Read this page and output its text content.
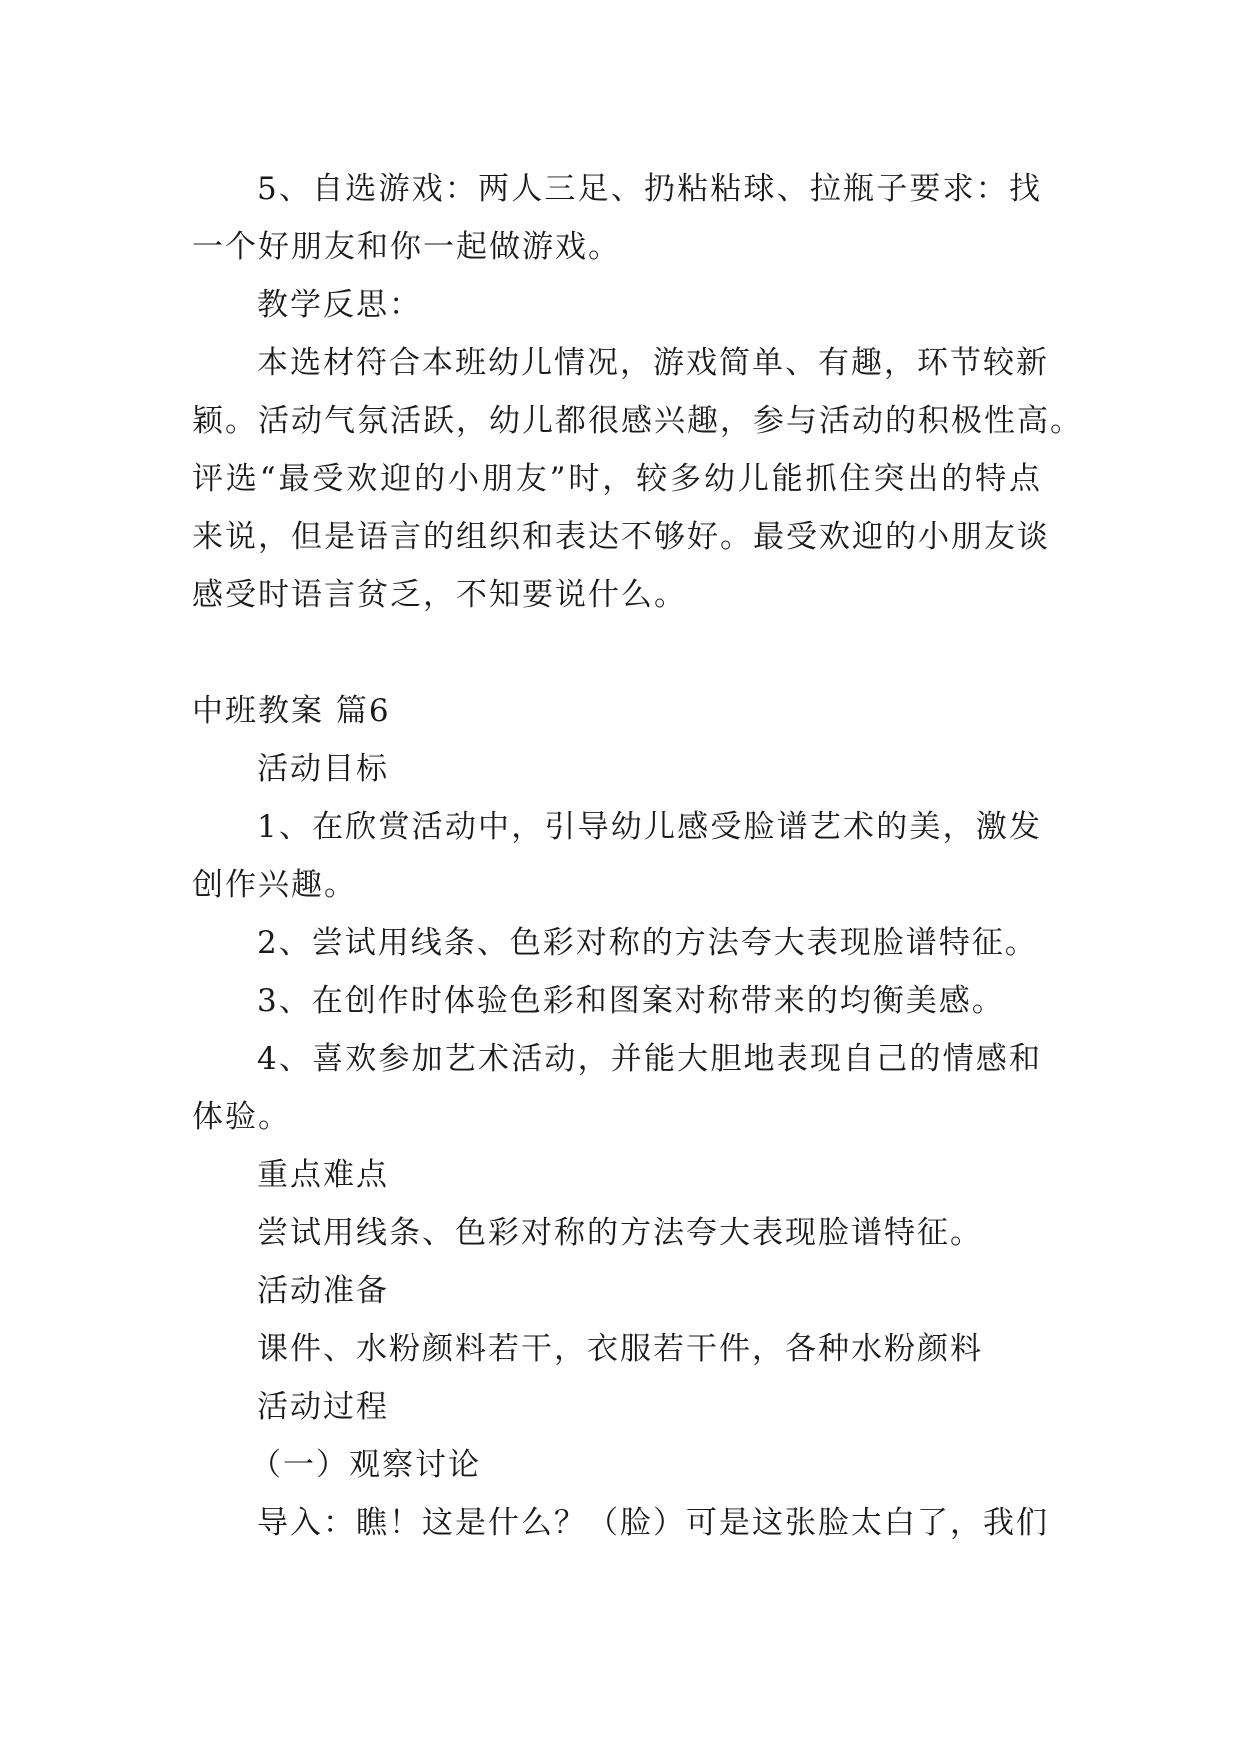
5、自选游戏：两人三足、扔粘粘球、拉瓶子要求：找
一个好朋友和你一起做游戏。
教学反思：
本选材符合本班幼儿情况，游戏简单、有趣，环节较新
颖。活动气氛活跃，幼儿都很感兴趣，参与活动的积极性高。
评选“最受欢迎的小朋友”时，较多幼儿能抓住突出的特点
来说，但是语言的组织和表达不够好。最受欢迎的小朋友谈
感受时语言贫乏，不知要说什么。
中班教案 篇6
活动目标
1、在欣赏活动中，引导幼儿感受脸谱艺术的美，激发
创作兴趣。
2、尝试用线条、色彩对称的方法夸大表现脸谱特征。
3、在创作时体验色彩和图案对称带来的均衡美感。
4、喜欢参加艺术活动，并能大胆地表现自己的情感和
体验。
重点难点
尝试用线条、色彩对称的方法夸大表现脸谱特征。
活动准备
课件、水粉颜料若干，衣服若干件，各种水粉颜料
活动过程
（一）观察讨论
导入：瞧！这是什么？（脸）可是这张脸太白了，我们
